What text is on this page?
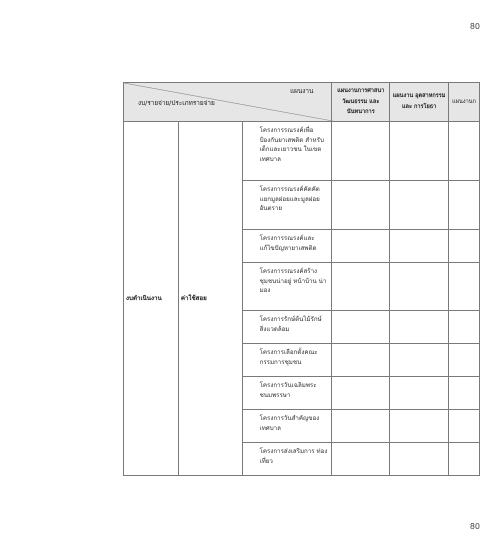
80
แผนงาน
งบ/รายจ่าย/ประเภทรายจ่าย			แผนงานการศาสนา วัฒนธรรม และ นันทนาการ	แผนงาน อุตสาหกรรมและ การโยธา	แผนงานก
งบดำเนินงาน	ค่าใช้สอย	โครงการรณรงค์เพื่อ ป้องกันยาเสพติด สำหรับเด็กและเยาวชน ในเขตเทศบาล			
		โครงการรณรงค์คัดคัด แยกมูลฝอยและมูลฝอย อันตราย			
		โครงการรณรงค์และ แก้ไขปัญหายาเสพติด			
		โครงการรณรงค์สร้าง ชุมชนน่าอยู่ หน้าบ้าน น่ามอง			
		โครงการรักษ์ต้นไม้รักษ์ สิ่งแวดล้อม			
		โครงการเลือกตั้งคณะ กรรมการชุมชน			
		โครงการวันเฉลิมพระ ชนมพรรษา			
		โครงการวันสำคัญของ เทศบาล			
		โครงการส่งเสริมการ ท่องเที่ยว			
80
